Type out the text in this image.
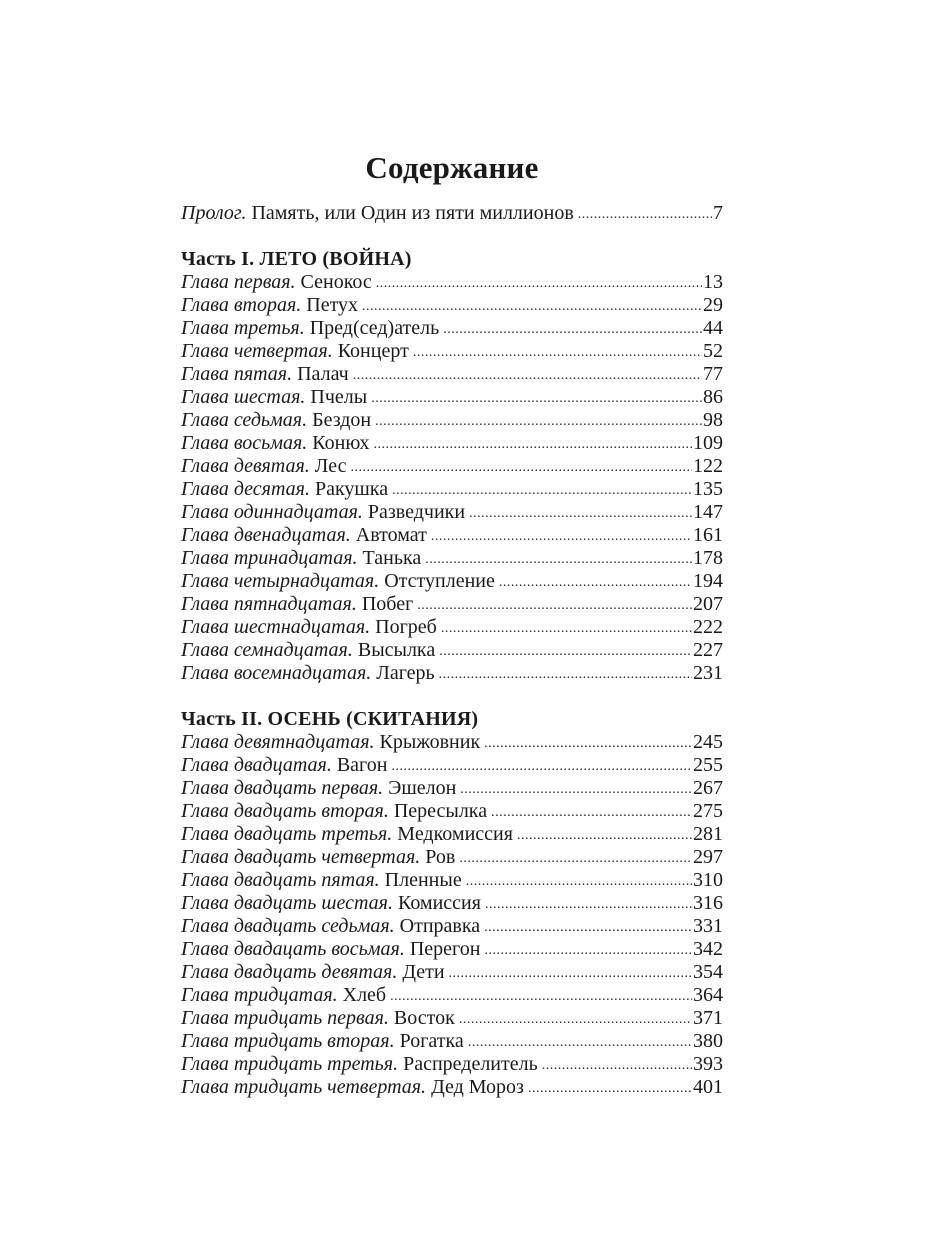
Содержание
Пролог. Память, или Один из пяти миллионов .....	7
Часть I. ЛЕТО (ВОЙНА)
Глава первая. Сенокос .....	13
Глава вторая. Петух .....	29
Глава третья. Пред(сед)атель .....	44
Глава четвертая. Концерт .....	52
Глава пятая. Палач .....	77
Глава шестая. Пчелы .....	86
Глава седьмая. Бездон .....	98
Глава восьмая. Конюх .....	109
Глава девятая. Лес .....	122
Глава десятая. Ракушка .....	135
Глава одиннадцатая. Разведчики .....	147
Глава двенадцатая. Автомат .....	161
Глава тринадцатая. Танька .....	178
Глава четырнадцатая. Отступление .....	194
Глава пятнадцатая. Побег .....	207
Глава шестнадцатая. Погреб .....	222
Глава семнадцатая. Высылка .....	227
Глава восемнадцатая. Лагерь .....	231
Часть II. ОСЕНЬ (СКИТАНИЯ)
Глава девятнадцатая. Крыжовник .....	245
Глава двадцатая. Вагон .....	255
Глава двадцать первая. Эшелон .....	267
Глава двадцать вторая. Пересылка .....	275
Глава двадцать третья. Медкомиссия .....	281
Глава двадцать четвертая. Ров .....	297
Глава двадцать пятая. Пленные .....	310
Глава двадцать шестая. Комиссия .....	316
Глава двадцать седьмая. Отправка .....	331
Глава двадацать восьмая. Перегон .....	342
Глава двадцать девятая. Дети .....	354
Глава тридцатая. Хлеб .....	364
Глава тридцать первая. Восток .....	371
Глава тридцать вторая. Рогатка .....	380
Глава тридцать третья. Распределитель .....	393
Глава тридцать четвертая. Дед Мороз .....	401
